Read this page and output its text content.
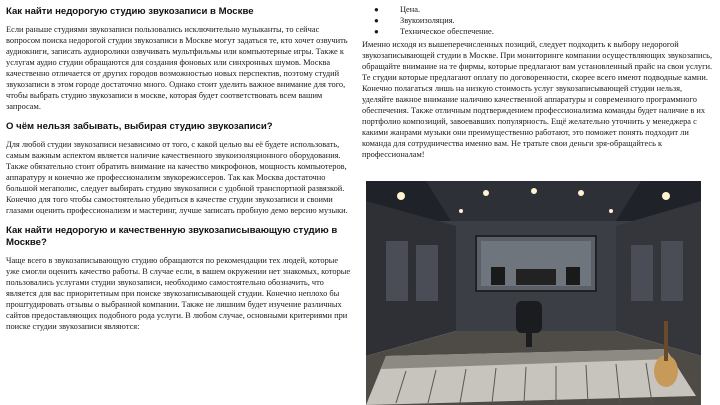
Как найти недорогую студию звукозаписи в Москве

Если раньше студиями звукозаписи пользовались исключительно музыканты, то сейчас вопросом поиска недорогой студии звукозаписи в Москве могут задаться те, кто хочет озвучить аудиокниги, записать аудиоролики озвучивать мультфильмы или компьютерные игры. Также к услугам аудио студии обращаются для создания фоновых или синхронных шумов. Москва качественно отличается от других городов возможностью новых перспектив, поэтому студий звукозаписи в этом городе достаточно много. Однако стоит уделить важное внимание для того, чтобы выбрать студию звукозаписи в москве, которая будет соответствовать всем вашим запросам.

О чём нельзя забывать, выбирая студию звукозаписи?

Для любой студии звукозаписи независимо от того, с какой целью вы её будете использовать, самым важным аспектом является наличие качественного звукоизоляционного оборудования. Также обязательно стоит обратить внимание на качество микрофонов, мощность компьютеров, аппаратуру и конечно же профессионализм звукорежиссеров. Так как Москва достаточно большой мегаполис, следует выбирать студию звукозаписи с удобной транспортной развязкой. Конечно для того чтобы самостоятельно убедиться в качестве студии звукозаписи и своими глазами оценить профессионализм и мастеринг, лучше записать пробную демо версию музыки.

Как найти недорогую и качественную звукозаписывающую студию в Москве?

Чаще всего в звукозаписывающую студию обращаются по рекомендации тех людей, которые уже смогли оценить качество работы. В случае если, в вашем окружении нет знакомых, которые пользовались услугами студии звукозаписи, необходимо самостоятельно обозначить, что является для вас приоритетным при поиске звукозаписывающей студии. Конечно неплохо бы проштудировать отзывы о выбранной компании. Также не лишним будет изучение различных сайтов предоставляющих подобного рода услуги. В любом случае, основными критериями при поиске студии звукозаписи являются:

●	Цена.
●	Звукоизоляция.
●	Техническое обеспечение.

Именно исходя из вышеперечисленных позиций, следует подходить к выбору недорогой звукозаписывающей студии в Москве. При мониторинге компании осуществляющих звукозапись, обращайте внимание на те фирмы, которые предлагают вам установленный прайс на свои услуги. Те студии которые предлагают оплату по договоренности, скорее всего имеют подводные камни. Конечно полагаться лишь на низкую стоимость услуг звукозаписывающей студии нельзя, уделяйте важное внимание наличию качественной аппаратуры и современного программного обеспечения. Также отличным подтверждением профессионализма команды будет наличие в их портфолио композиций, завоевавших популярность. Ещё желательно уточнить у менеджера с какими жанрами музыки они преимущественно работают, это поможет понять подходит ли команда для сотрудничества именно вам. Не тратьте свои деньги зря-обращайтесь к профессионалам!
